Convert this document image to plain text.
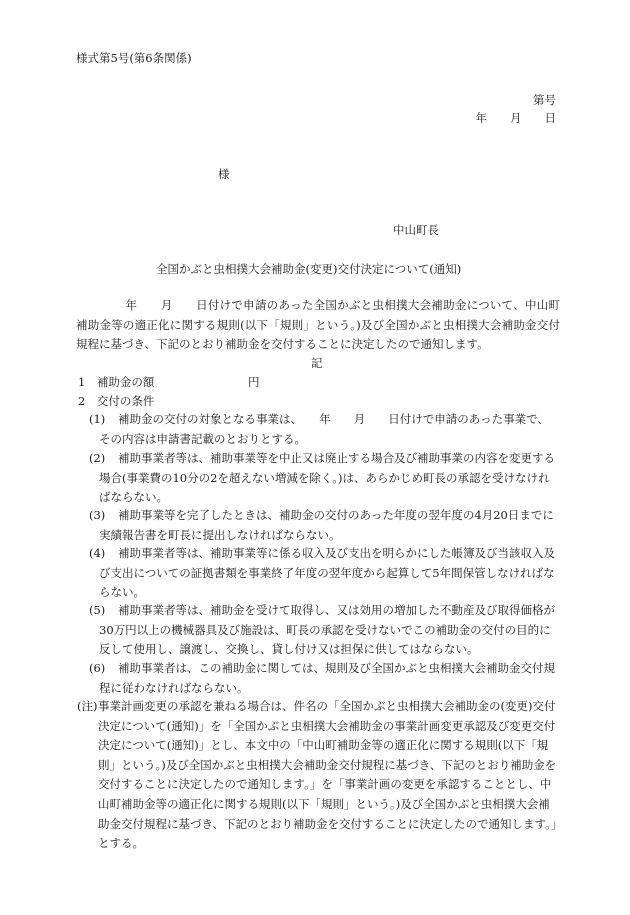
様式第5号(第6条関係)
第号
年　　月　　日
様
中山町長
全国かぶと虫相撲大会補助金(変更)交付決定について(通知)
　　年　　月　　日付けで申請のあった全国かぶと虫相撲大会補助金について、中山町補助金等の適正化に関する規則(以下「規則」という。)及び全国かぶと虫相撲大会補助金交付規程に基づき、下記のとおり補助金を交付することに決定したので通知します。
記
1　補助金の額	円
2　交付の条件
(1)	補助金の交付の対象となる事業は、　　年　　月　　日付けで申請のあった事業で、その内容は申請書記載のとおりとする。
(2)	補助事業者等は、補助事業等を中止又は廃止する場合及び補助事業の内容を変更する場合(事業費の10分の2を超えない増減を除く。)は、あらかじめ町長の承認を受けなければならない。
(3)	補助事業等を完了したときは、補助金の交付のあった年度の翌年度の4月20日までに実績報告書を町長に提出しなければならない。
(4)	補助事業者等は、補助事業等に係る収入及び支出を明らかにした帳簿及び当該収入及び支出についての証拠書類を事業終了年度の翌年度から起算して5年間保管しなければならない。
(5)	補助事業者等は、補助金を受けて取得し、又は効用の増加した不動産及び取得価格が30万円以上の機械器具及び施設は、町長の承認を受けないでこの補助金の交付の目的に反して使用し、譲渡し、交換し、貸し付け又は担保に供してはならない。
(6)	補助事業者は、この補助金に関しては、規則及び全国かぶと虫相撲大会補助金交付規程に従わなければならない。
(注) 事業計画変更の承認を兼ねる場合は、件名の「全国かぶと虫相撲大会補助金の(変更)交付決定について(通知)」を「全国かぶと虫相撲大会補助金の事業計画変更承認及び変更交付決定について(通知)」とし、本文中の「中山町補助金等の適正化に関する規則(以下「規則」という。)及び全国かぶと虫相撲大会補助金交付規程に基づき、下記のとおり補助金を交付することに決定したので通知します。」を「事業計画の変更を承認することとし、中山町補助金等の適正化に関する規則(以下「規則」という。)及び全国かぶと虫相撲大会補助金交付規程に基づき、下記のとおり補助金を交付することに決定したので通知します。」とする。
